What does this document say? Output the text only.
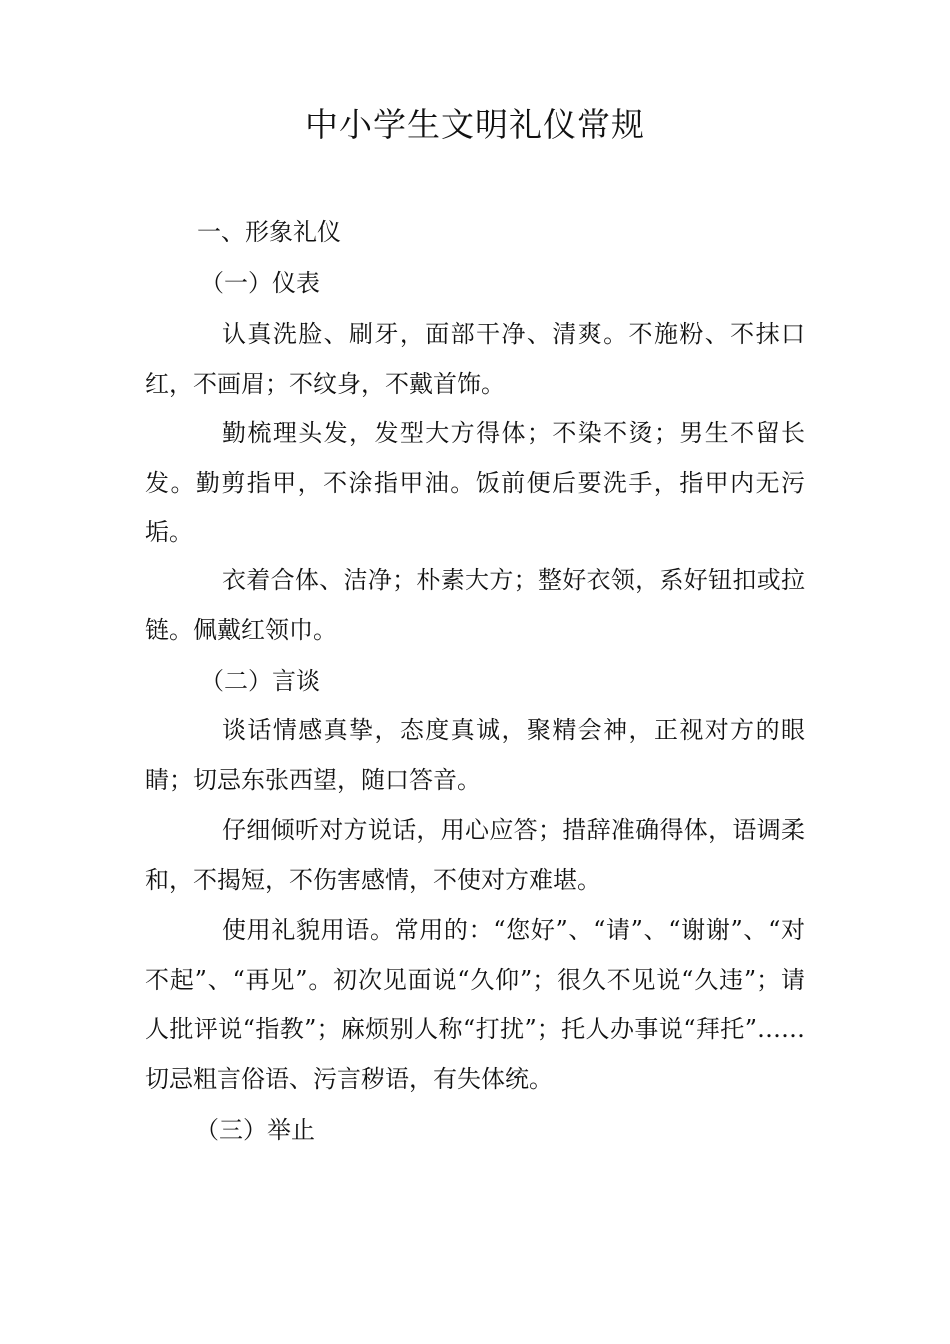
中小学生文明礼仪常规
一、形象礼仪
（一）仪表
认真洗脸、刷牙，面部干净、清爽。不施粉、不抹口红，不画眉；不纹身，不戴首饰。
勤梳理头发，发型大方得体；不染不烫；男生不留长发。勤剪指甲，不涂指甲油。饭前便后要洗手，指甲内无污垢。
衣着合体、洁净；朴素大方；整好衣领，系好钮扣或拉链。佩戴红领巾。
（二）言谈
谈话情感真挚，态度真诚，聚精会神，正视对方的眼睛；切忌东张西望，随口答音。
仔细倾听对方说话，用心应答；措辞准确得体，语调柔和，不揭短，不伤害感情，不使对方难堪。
使用礼貌用语。常用的：“您好”、“请”、“谢谢”、“对不起”、“再见”。初次见面说“久仰”；很久不见说“久违”；请人批评说“指教”；麻烦别人称“打扰”；托人办事说“拜托”……切忌粗言俗语、污言秽语，有失体统。
（三）举止
